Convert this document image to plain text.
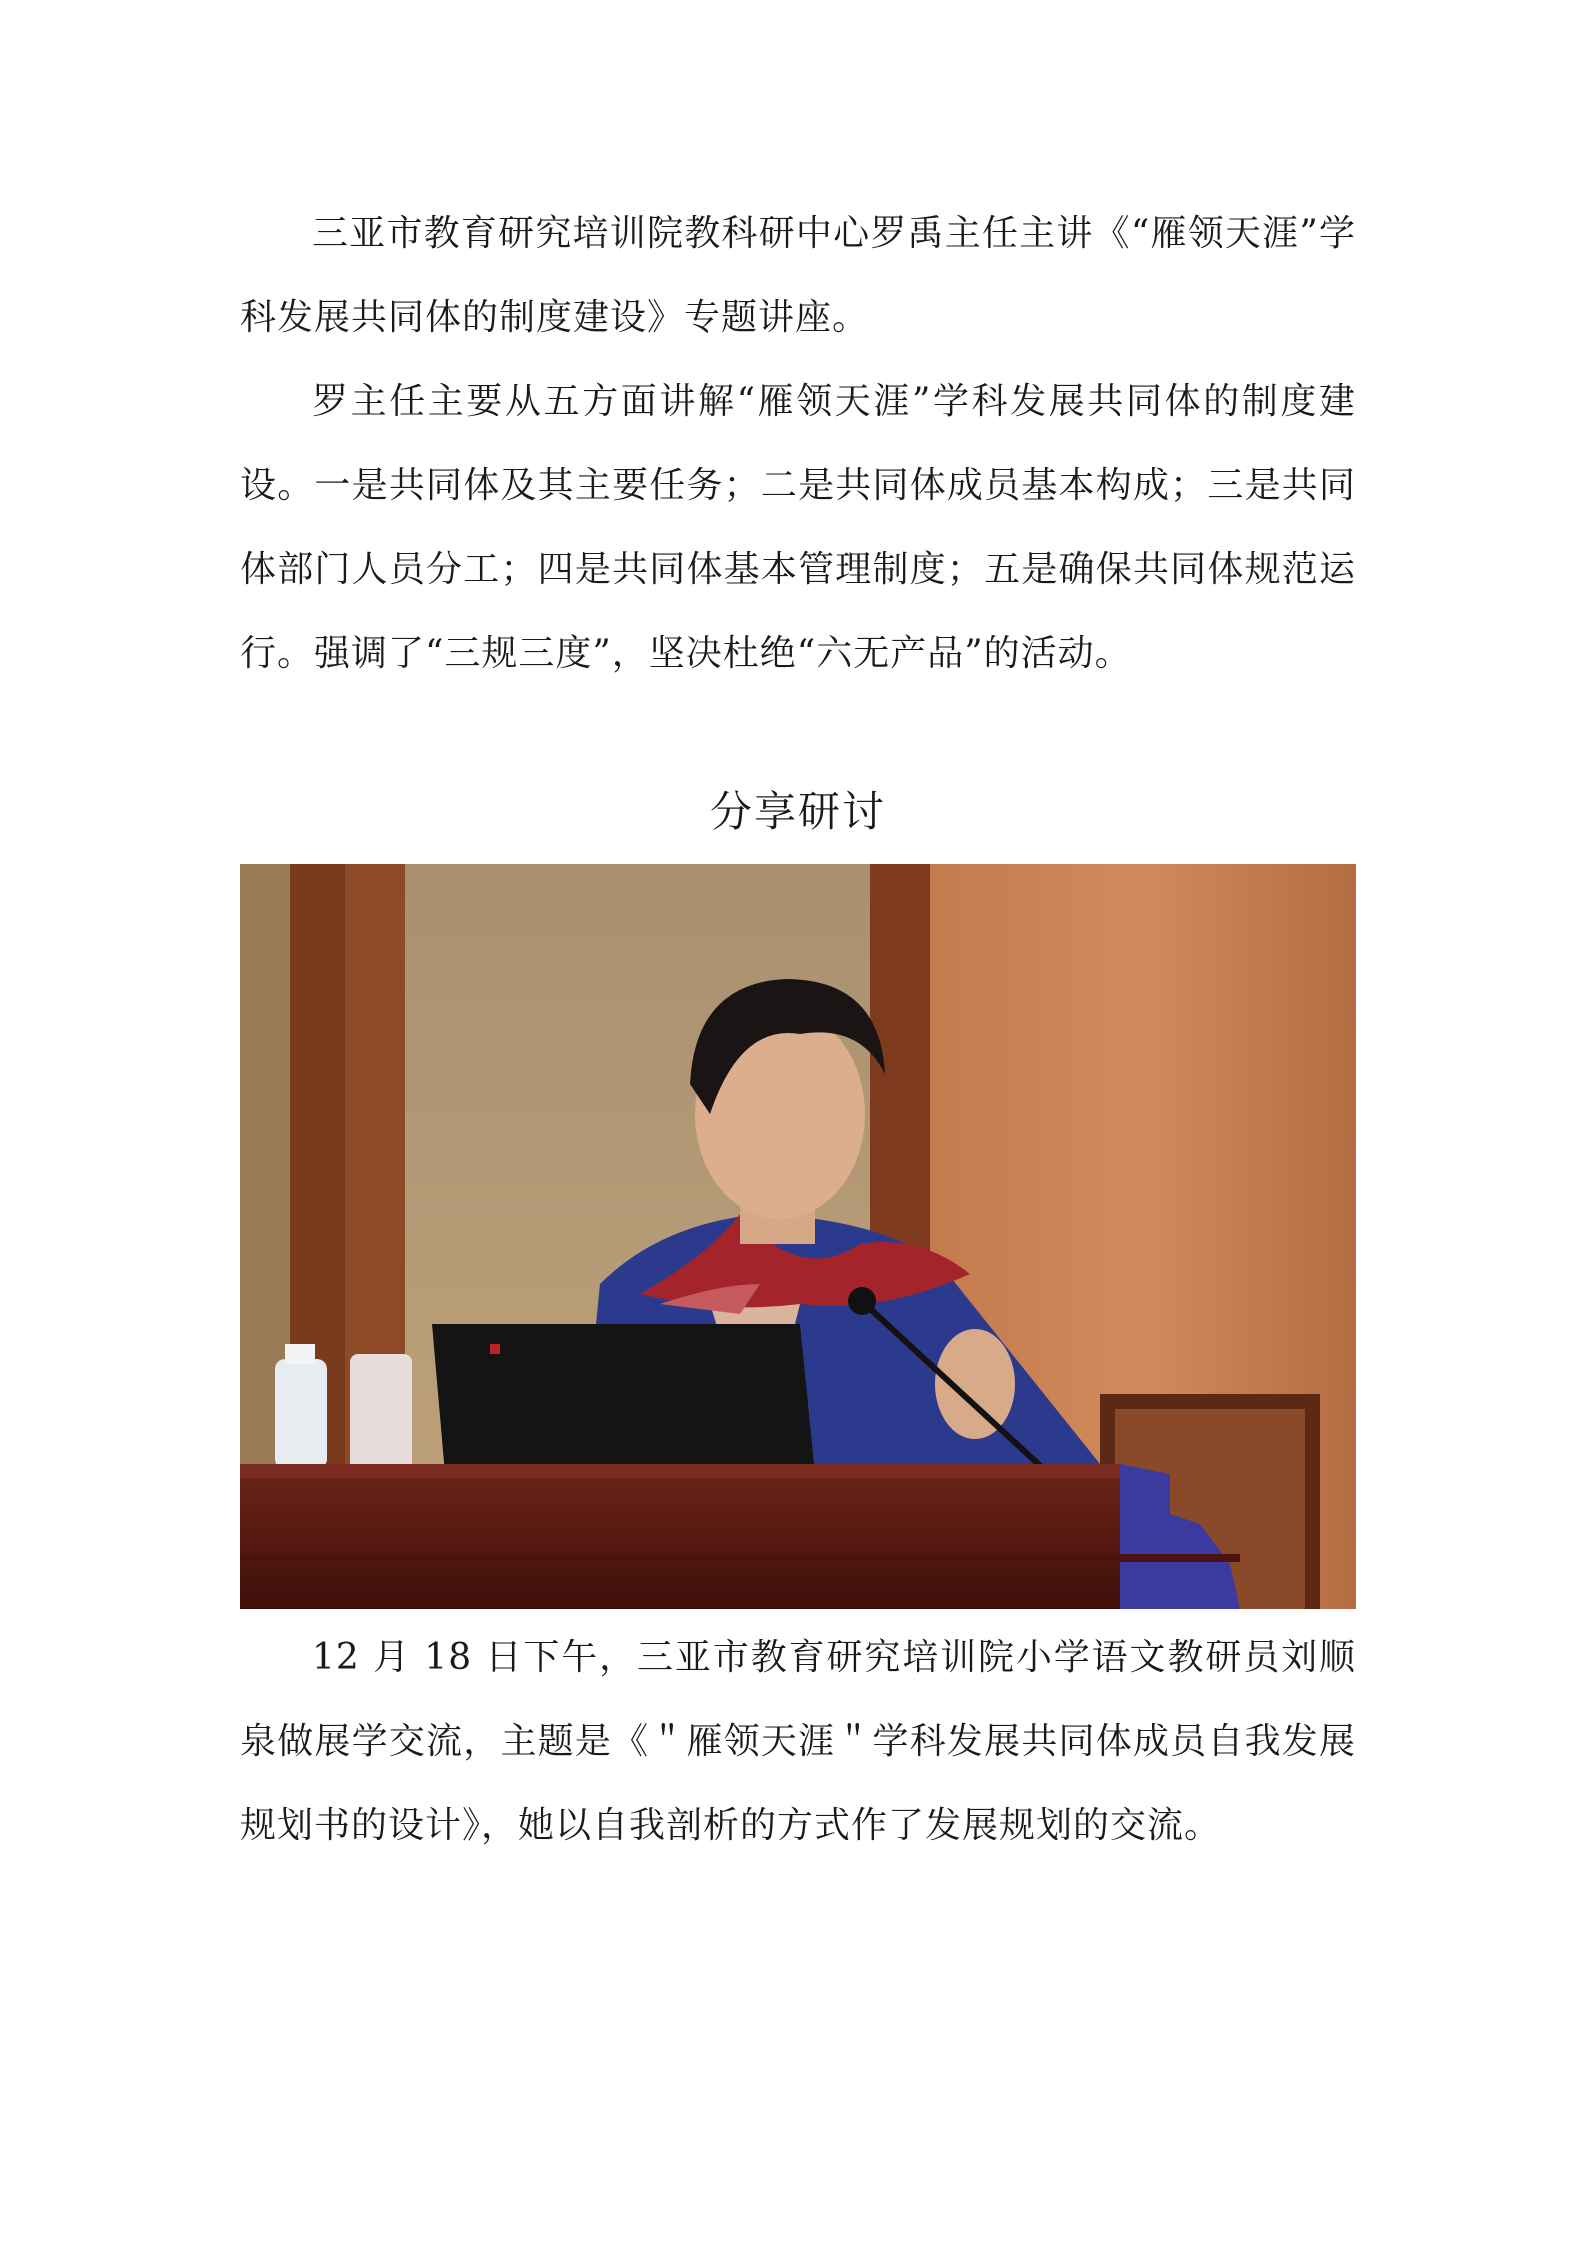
三亚市教育研究培训院教科研中心罗禹主任主讲《“雁领天涯”学科发展共同体的制度建设》专题讲座。

罗主任主要从五方面讲解“雁领天涯”学科发展共同体的制度建设。一是共同体及其主要任务；二是共同体成员基本构成；三是共同体部门人员分工；四是共同体基本管理制度；五是确保共同体规范运行。强调了“三规三度”，坚决杜绝“六无产品”的活动。

分享研讨

12 月 18 日下午，三亚市教育研究培训院小学语文教研员刘顺泉做展学交流，主题是《＂雁领天涯＂学科发展共同体成员自我发展规划书的设计》，她以自我剖析的方式作了发展规划的交流。
